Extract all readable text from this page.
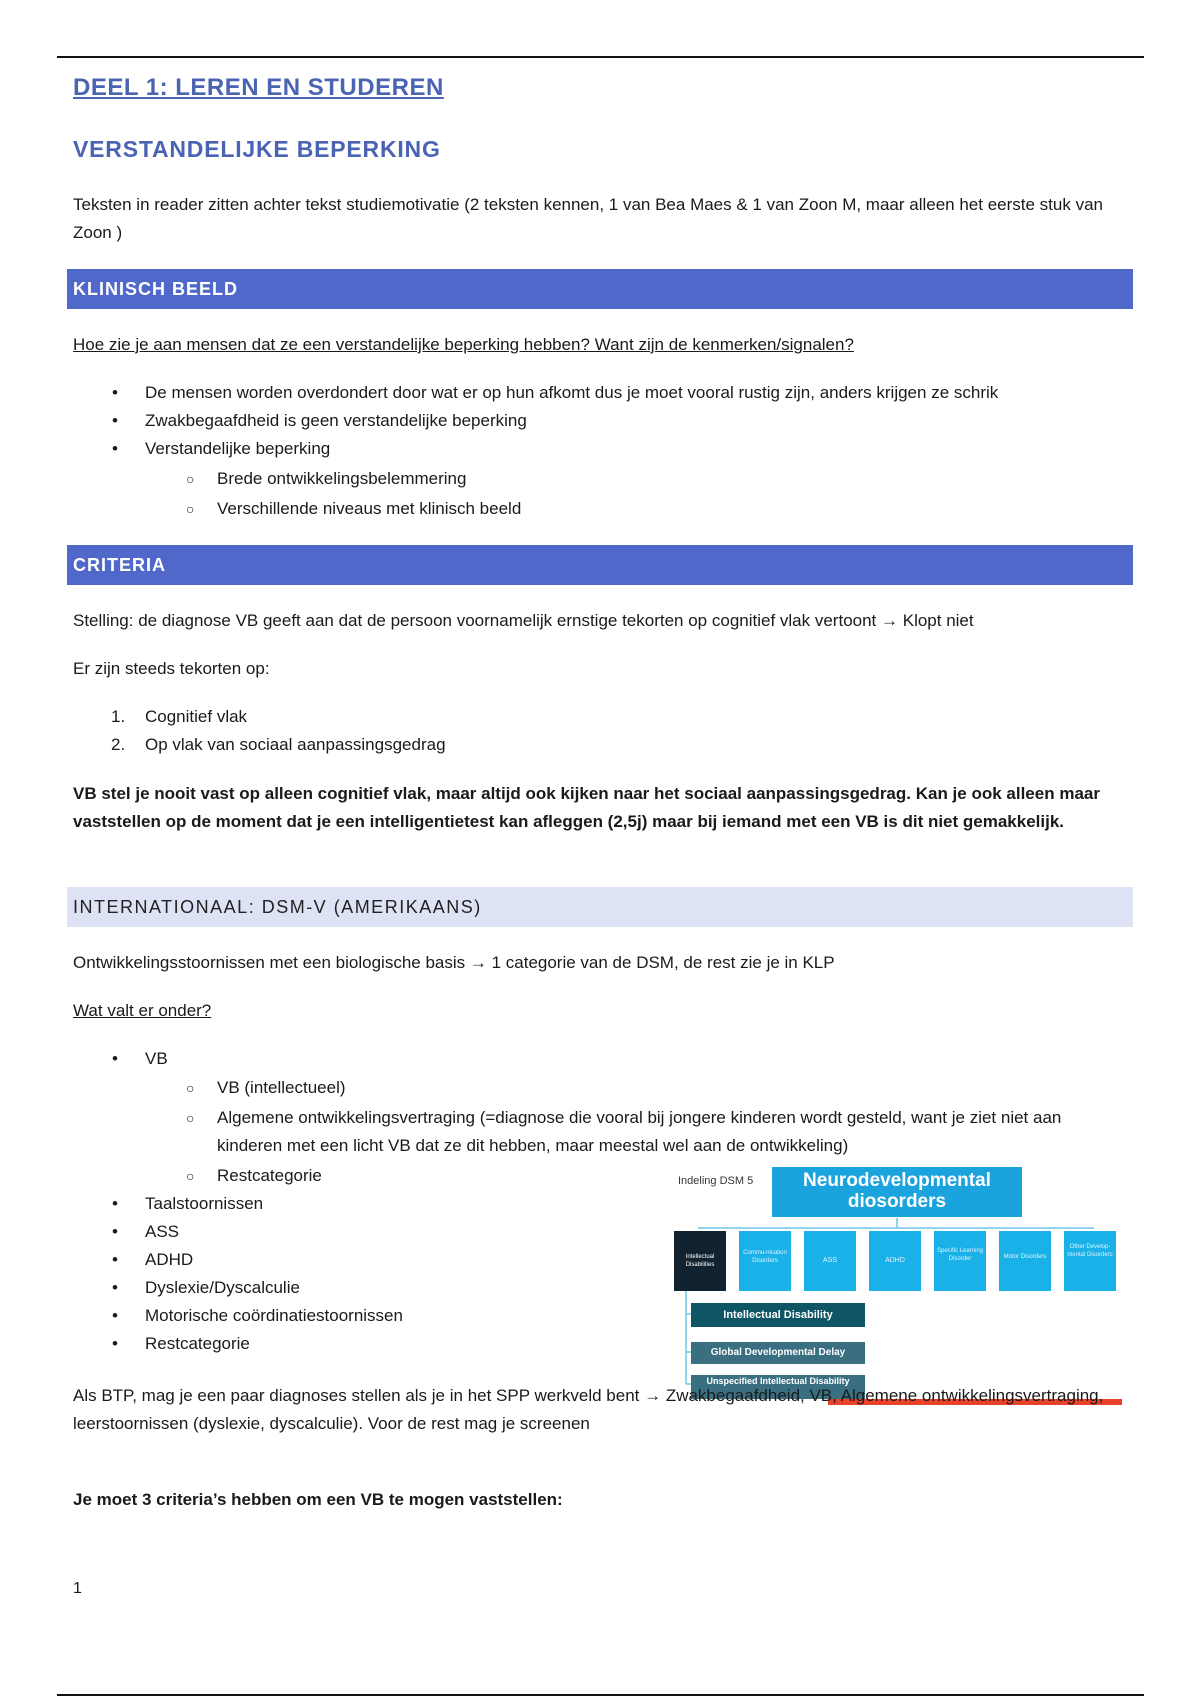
DEEL 1: LEREN EN STUDEREN
VERSTANDELIJKE BEPERKING

Teksten in reader zitten achter tekst studiemotivatie (2 teksten kennen, 1 van Bea Maes & 1 van Zoon M, maar alleen het eerste stuk van Zoon )

KLINISCH BEELD

Hoe zie je aan mensen dat ze een verstandelijke beperking hebben? Want zijn de kenmerken/signalen?

• De mensen worden overdondert door wat er op hun afkomt dus je moet vooral rustig zijn, anders krijgen ze schrik
• Zwakbegaafdheid is geen verstandelijke beperking
• Verstandelijke beperking
○ Brede ontwikkelingsbelemmering
○ Verschillende niveaus met klinisch beeld
CRITERIA

Stelling: de diagnose VB geeft aan dat de persoon voornamelijk ernstige tekorten op cognitief vlak vertoont → Klopt niet

Er zijn steeds tekorten op:

1. Cognitief vlak
2. Op vlak van sociaal aanpassingsgedrag

VB stel je nooit vast op alleen cognitief vlak, maar altijd ook kijken naar het sociaal aanpassingsgedrag. Kan je ook alleen maar vaststellen op de moment dat je een intelligentietest kan afleggen (2,5j) maar bij iemand met een VB is dit niet gemakkelijk.

INTERNATIONAAL: DSM-V (AMERIKAANS)

Ontwikkelingsstoornissen met een biologische basis → 1 categorie van de DSM, de rest zie je in KLP

Wat valt er onder?

• VB
○ VB (intellectueel)
○ Algemene ontwikkelingsvertraging (=diagnose die vooral bij jongere kinderen wordt gesteld, want je ziet niet aan kinderen met een licht VB dat ze dit hebben, maar meestal wel aan de ontwikkeling)
○ Restcategorie
• Taalstoornissen
• ASS
• ADHD
• Dyslexie/Dyscalculie
• Motorische coördinatiestoornissen
• Restcategorie
Indeling DSM 5	Neurodevelopmental diosorders
Intellectual Disabilities
Commu-nication Disorders	ASS	ADHD
Specific Learning Disorder	Motor Disorders
Other Develop-mental Disorders
Intellectual Disability
Global Developmental Delay
Unspecified Intellectual Disability

Als BTP, mag je een paar diagnoses stellen als je in het SPP werkveld bent → Zwakbegaafdheid, VB, Algemene ontwikkelingsvertraging, leerstoornissen (dyslexie, dyscalculie). Voor de rest mag je screenen

Je moet 3 criteria’s hebben om een VB te mogen vaststellen:

1
